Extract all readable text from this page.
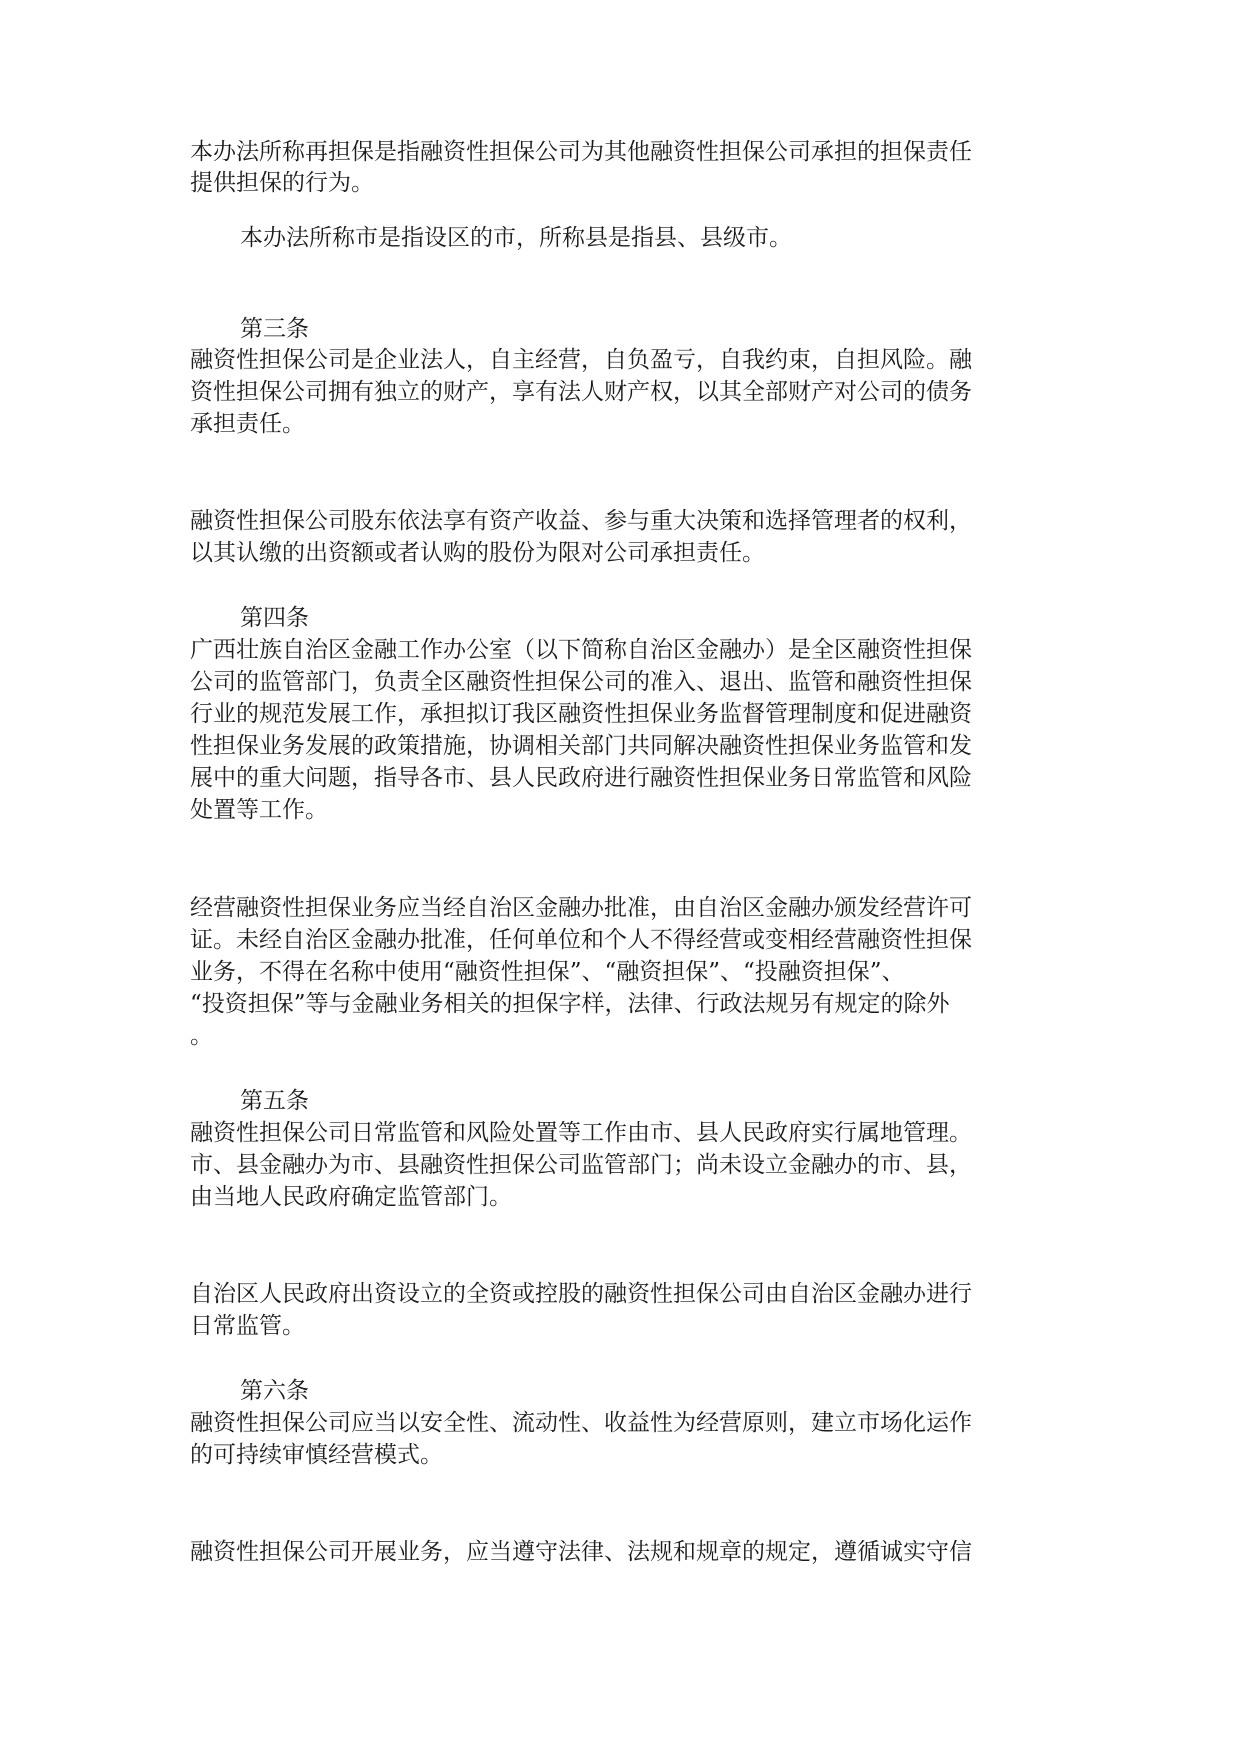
本办法所称再担保是指融资性担保公司为其他融资性担保公司承担的担保责任
提供担保的行为。
本办法所称市是指设区的市，所称县是指县、县级市。
第三条
融资性担保公司是企业法人，自主经营，自负盈亏，自我约束，自担风险。融
资性担保公司拥有独立的财产，享有法人财产权，以其全部财产对公司的债务
承担责任。
融资性担保公司股东依法享有资产收益、参与重大决策和选择管理者的权利，
以其认缴的出资额或者认购的股份为限对公司承担责任。
第四条
广西壮族自治区金融工作办公室（以下简称自治区金融办）是全区融资性担保
公司的监管部门，负责全区融资性担保公司的准入、退出、监管和融资性担保
行业的规范发展工作，承担拟订我区融资性担保业务监督管理制度和促进融资
性担保业务发展的政策措施，协调相关部门共同解决融资性担保业务监管和发
展中的重大问题，指导各市、县人民政府进行融资性担保业务日常监管和风险
处置等工作。
经营融资性担保业务应当经自治区金融办批准，由自治区金融办颁发经营许可
证。未经自治区金融办批准，任何单位和个人不得经营或变相经营融资性担保
业务，不得在名称中使用“融资性担保”、“融资担保”、“投融资担保”、
“投资担保”等与金融业务相关的担保字样，法律、行政法规另有规定的除外
。
第五条
融资性担保公司日常监管和风险处置等工作由市、县人民政府实行属地管理。
市、县金融办为市、县融资性担保公司监管部门；尚未设立金融办的市、县，
由当地人民政府确定监管部门。
自治区人民政府出资设立的全资或控股的融资性担保公司由自治区金融办进行
日常监管。
第六条
融资性担保公司应当以安全性、流动性、收益性为经营原则，建立市场化运作
的可持续审慎经营模式。
融资性担保公司开展业务，应当遵守法律、法规和规章的规定，遵循诚实守信
